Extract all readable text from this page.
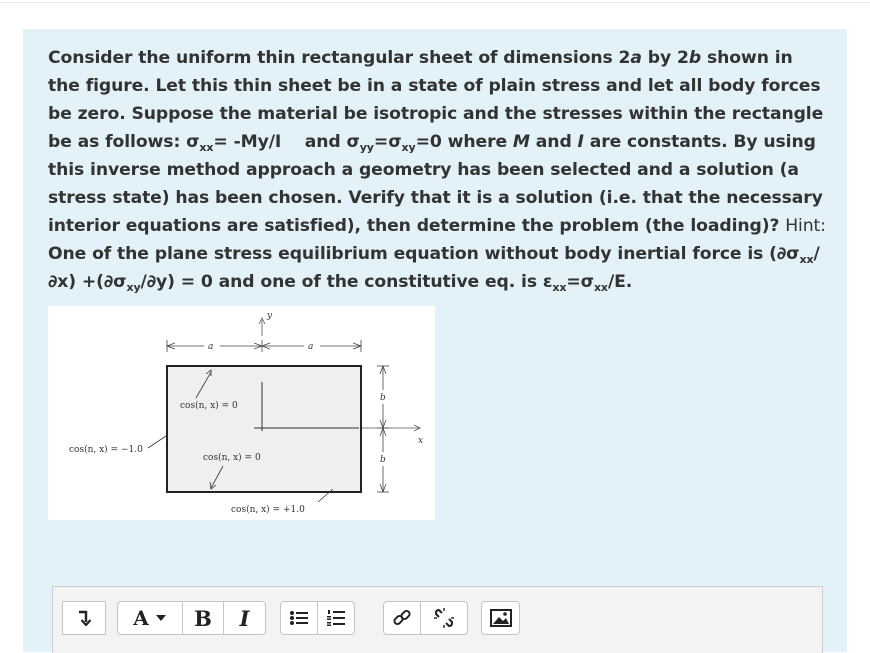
Consider the uniform thin rectangular sheet of dimensions 2a by 2b shown in the figure. Let this thin sheet be in a state of plain stress and let all body forces be zero. Suppose the material be isotropic and the stresses within the rectangle be as follows: $\sigma_{xx}= -My/I$    and $\sigma_{yy}=\sigma_{xy}=0$ where M and I are constants. By using this inverse method approach a geometry has been selected and a solution (a stress state) has been chosen. Verify that it is a solution (i.e. that the necessary interior equations are satisfied), then determine the problem (the loading)? Hint: One of the plane stress equilibrium equation without body inertial force is $(\partial\sigma_{xx}/\partial x) +(\partial\sigma_{xy}/\partial y) = 0$ and one of the constitutive eq. is $\varepsilon_{xx}=\sigma_{xx}/E$.
y
x
a	a
b
b
cos(n, x) = 0
cos(n, x) = 0
cos(n, x) = −1.0
cos(n, x) = +1.0
A B I
